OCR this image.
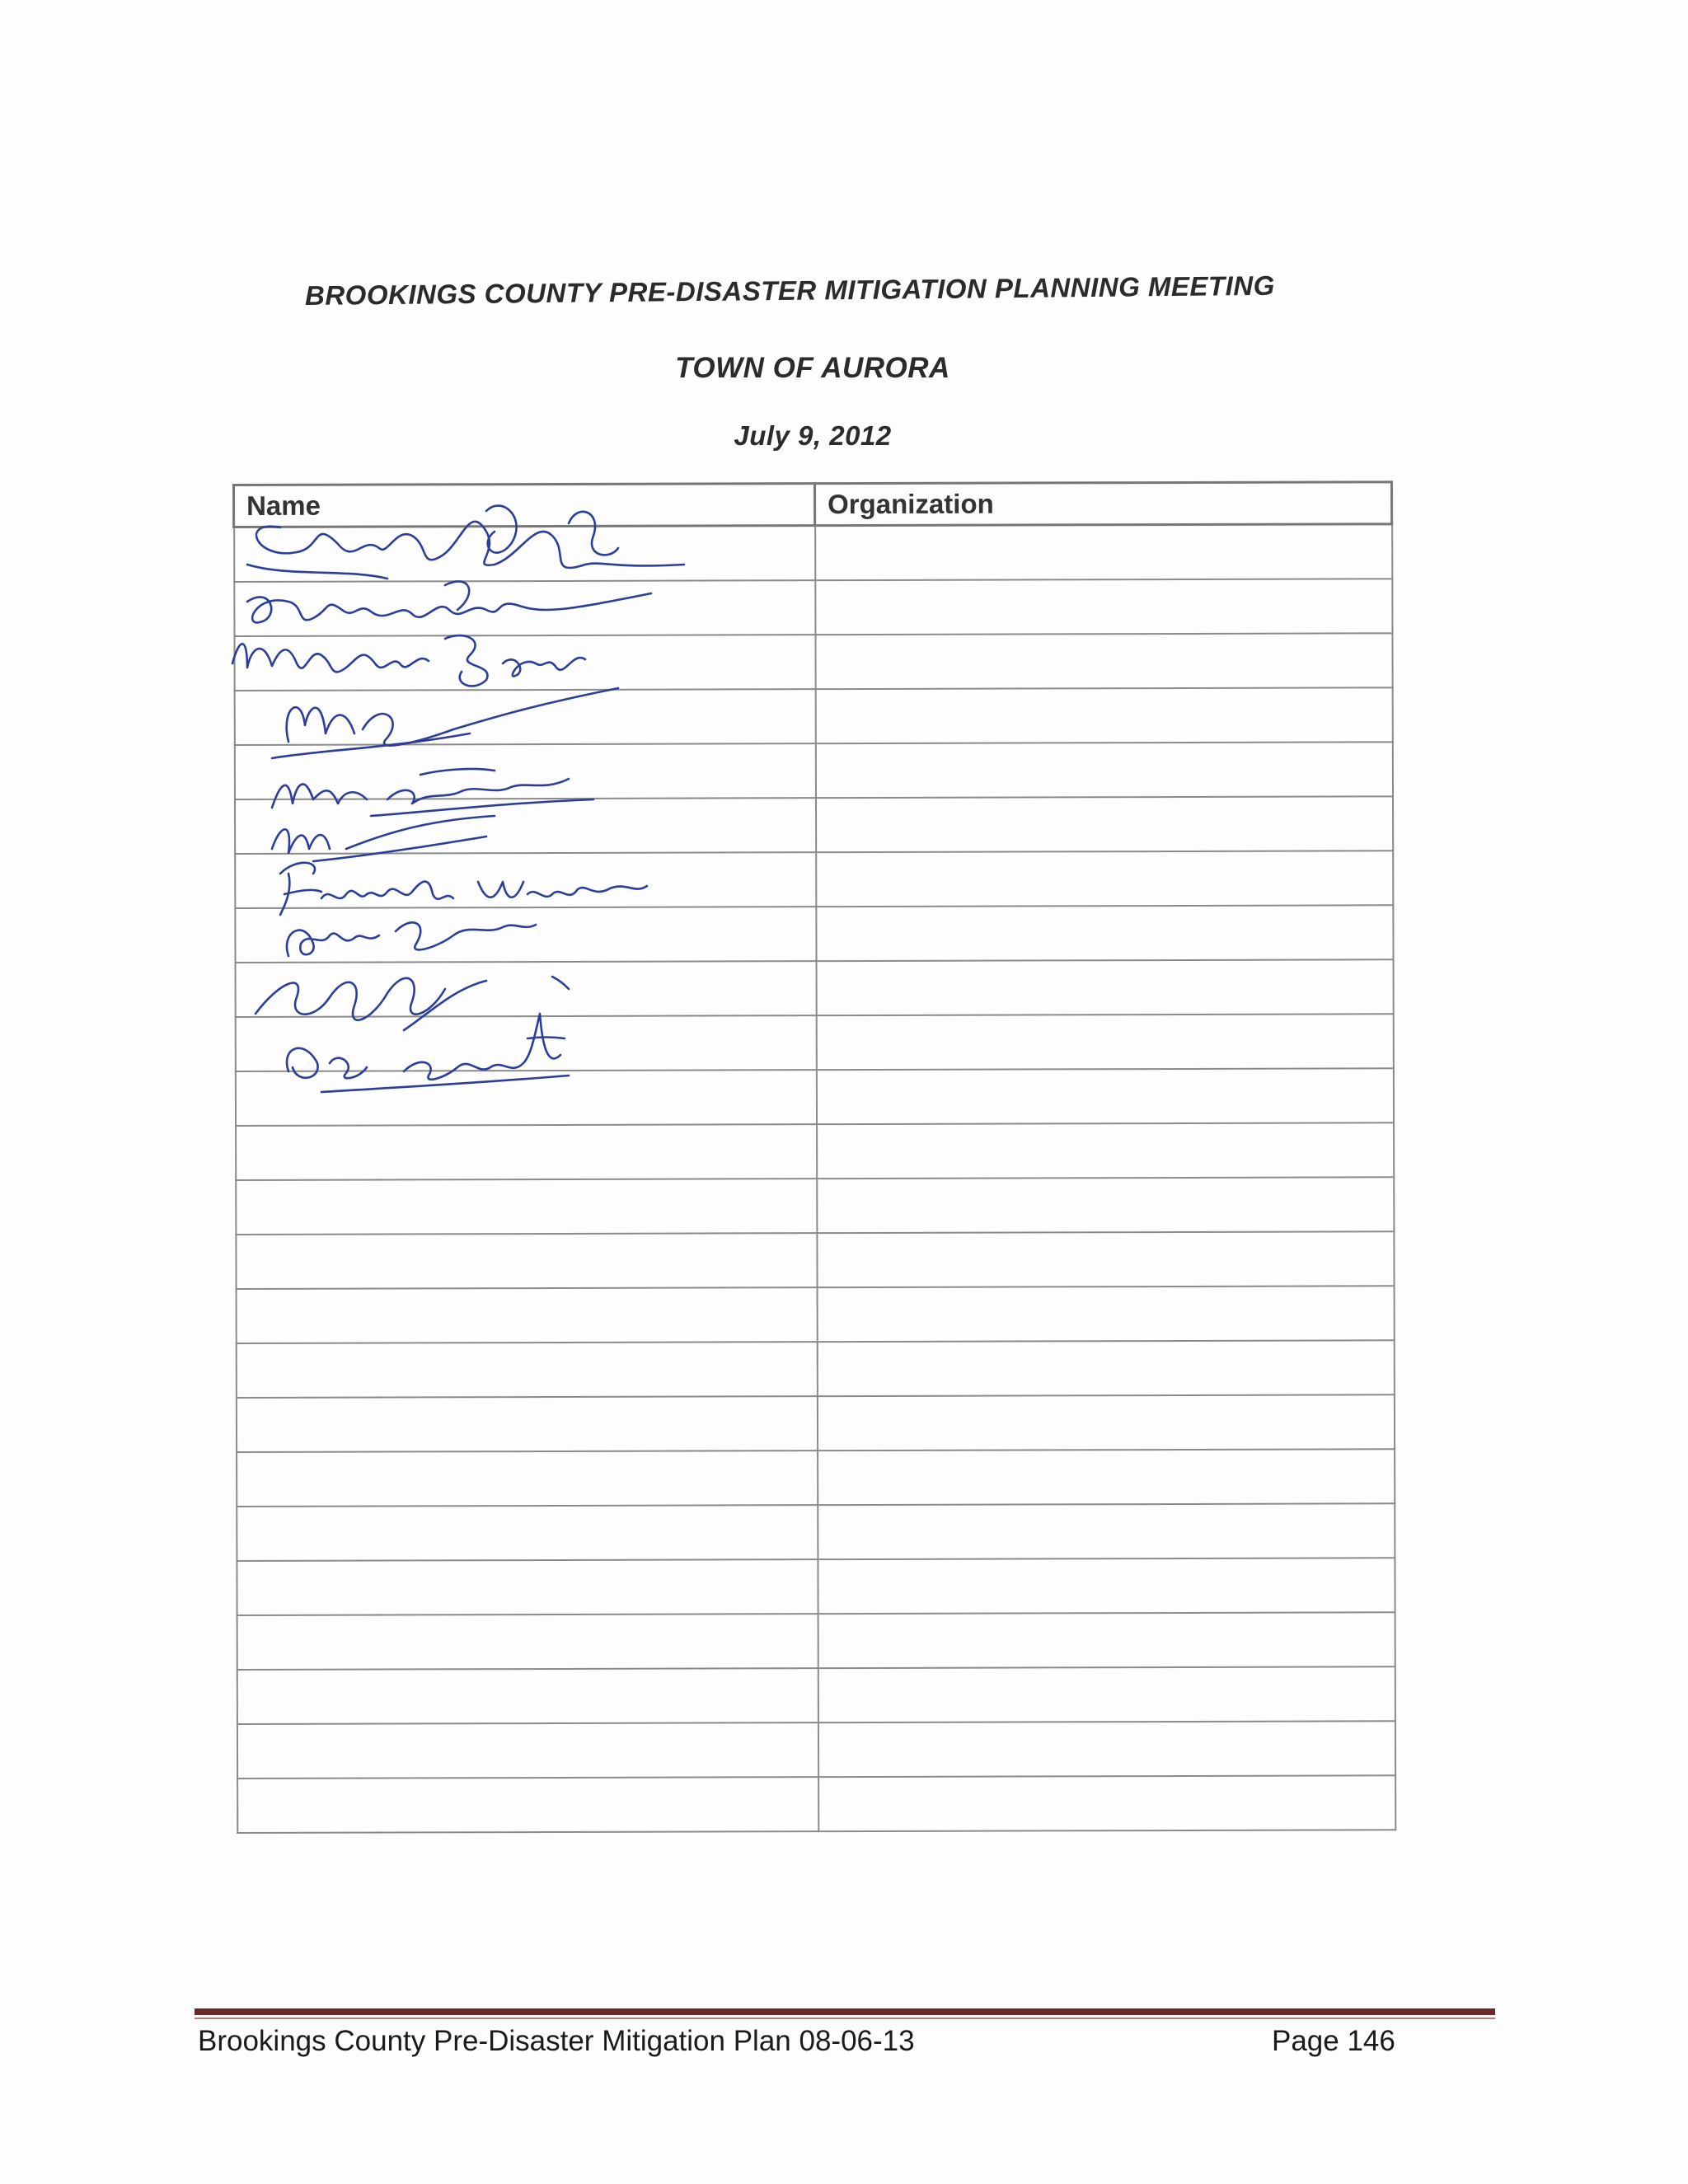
BROOKINGS COUNTY PRE-DISASTER MITIGATION PLANNING MEETING
TOWN OF AURORA
July 9, 2012
Name	Organization

Brookings County Pre-Disaster Mitigation Plan 08-06-13	Page 146
